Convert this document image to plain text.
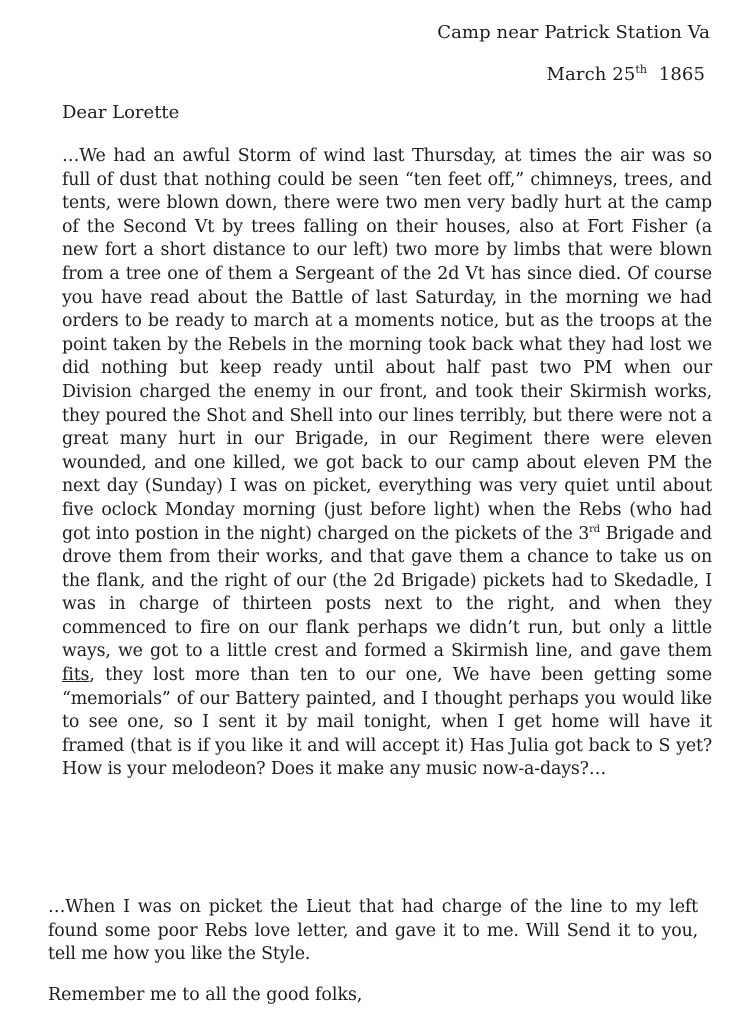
Camp near Patrick Station Va
March 25th 1865
Dear Lorette
…We had an awful Storm of wind last Thursday, at times the air was so full of dust that nothing could be seen “ten feet off,” chimneys, trees, and tents, were blown down, there were two men very badly hurt at the camp of the Second Vt by trees falling on their houses, also at Fort Fisher (a new fort a short distance to our left) two more by limbs that were blown from a tree one of them a Sergeant of the 2d Vt has since died. Of course you have read about the Battle of last Saturday, in the morning we had orders to be ready to march at a moments notice, but as the troops at the point taken by the Rebels in the morning took back what they had lost we did nothing but keep ready until about half past two PM when our Division charged the enemy in our front, and took their Skirmish works, they poured the Shot and Shell into our lines terribly, but there were not a great many hurt in our Brigade, in our Regiment there were eleven wounded, and one killed, we got back to our camp about eleven PM the next day (Sunday) I was on picket, everything was very quiet until about five oclock Monday morning (just before light) when the Rebs (who had got into postion in the night) charged on the pickets of the 3rd Brigade and drove them from their works, and that gave them a chance to take us on the flank, and the right of our (the 2d Brigade) pickets had to Skedadle, I was in charge of thirteen posts next to the right, and when they commenced to fire on our flank perhaps we didn’t run, but only a little ways, we got to a little crest and formed a Skirmish line, and gave them fits, they lost more than ten to our one, We have been getting some “memorials” of our Battery painted, and I thought perhaps you would like to see one, so I sent it by mail tonight, when I get home will have it framed (that is if you like it and will accept it) Has Julia got back to S yet? How is your melodeon? Does it make any music now-a-days?…
…When I was on picket the Lieut that had charge of the line to my left found some poor Rebs love letter, and gave it to me. Will Send it to you, tell me how you like the Style.
Remember me to all the good folks,
